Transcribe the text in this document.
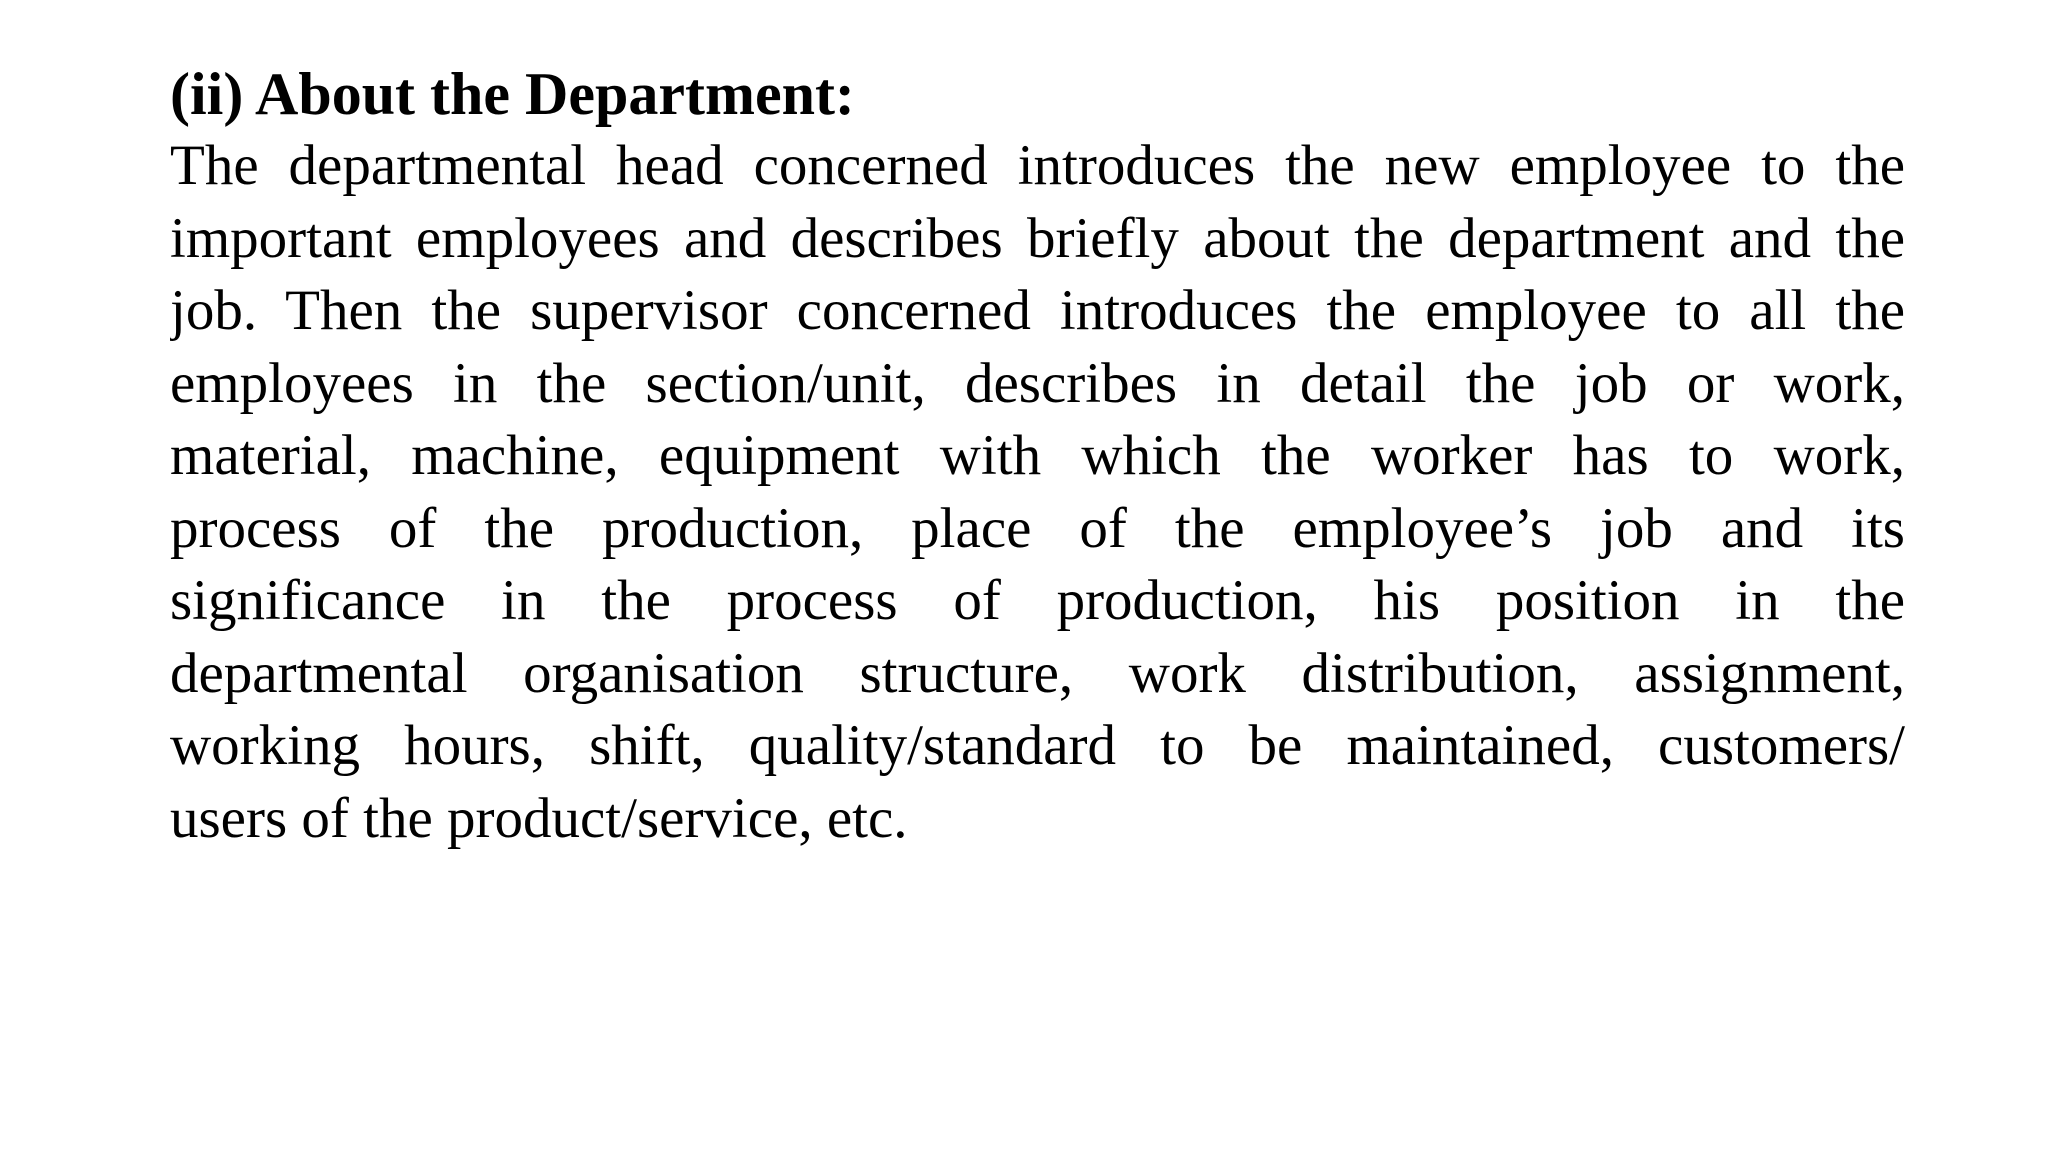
(ii) About the Department:
The departmental head concerned introduces the new employee to the
important employees and describes briefly about the department and the
job. Then the supervisor concerned introduces the employee to all the
employees in the section/unit, describes in detail the job or work,
material, machine, equipment with which the worker has to work,
process of the production, place of the employee’s job and its
significance in the process of production, his position in the
departmental organisation structure, work distribution, assignment,
working hours, shift, quality/standard to be maintained, customers/
users of the product/service, etc.
